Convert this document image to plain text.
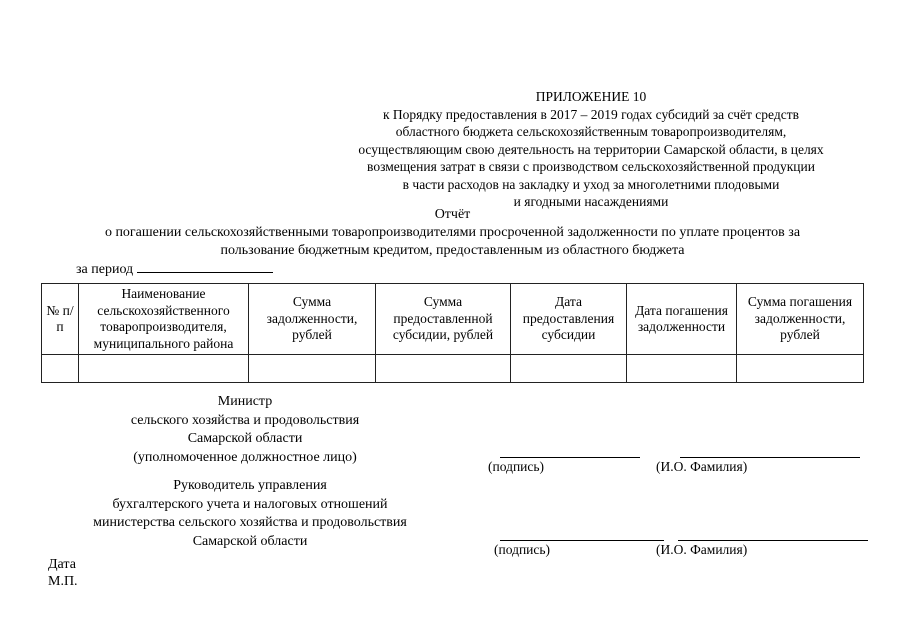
ПРИЛОЖЕНИЕ 10
к Порядку предоставления в 2017 – 2019 годах субсидий за счёт средств
областного бюджета сельскохозяйственным товаропроизводителям,
осуществляющим свою деятельность на территории Самарской области, в целях
возмещения затрат в связи с производством сельскохозяйственной продукции
в части расходов на закладку и уход за многолетними плодовыми
и ягодными насаждениями
Отчёт
о погашении сельскохозяйственными товаропроизводителями просроченной задолженности по уплате процентов за
пользование бюджетным кредитом, предоставленным из областного бюджета
за период
№ п/п	Наименование сельскохозяйственного товаропроизводителя, муниципального района	Сумма задолженности, рублей	Сумма предоставленной субсидии, рублей	Дата предоставления субсидии	Дата погашения задолженности	Сумма погашения задолженности, рублей

Министр
сельского хозяйства и продовольствия
Самарской области
(уполномоченное должностное лицо)
(подпись)	(И.О. Фамилия)
Руководитель управления
бухгалтерского учета и налоговых отношений
министерства сельского хозяйства и продовольствия
Самарской области
(подпись)	(И.О. Фамилия)
Дата
М.П.
